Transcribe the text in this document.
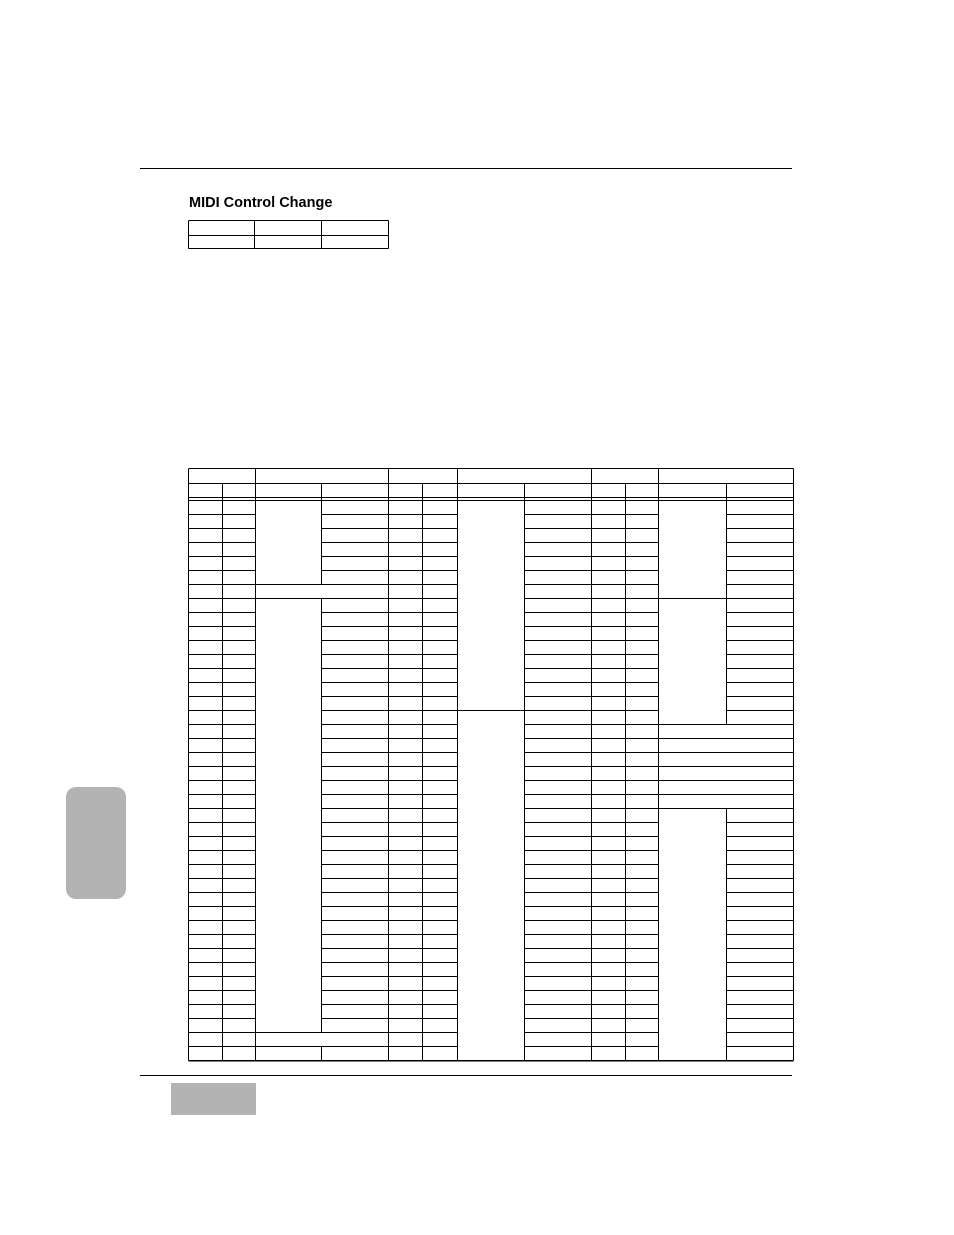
MIDI Control Change
